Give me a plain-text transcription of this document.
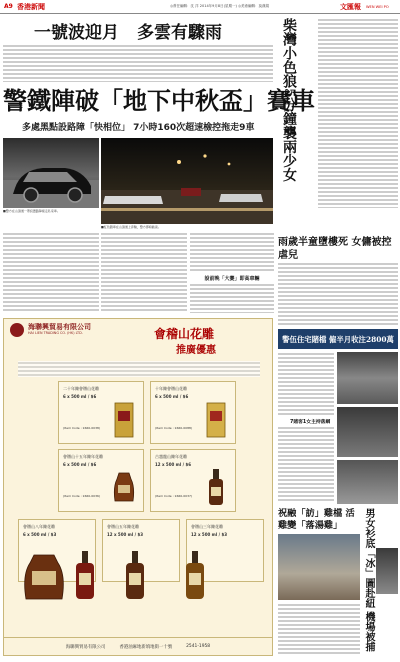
A9 香港新聞	◎責任編輯：沈 洋 2014年9月8日(星期一) ◎美術編輯：莫漢娟	文匯報 WEN WEI PO
一號波迎月 多雲有驟雨
警鐵陣破「地下中秋盃」賽車
多處黑點設路障「快相位」 7小時160次超速檢控拖走9車
■警方在山頂道一帶設置路障拖走私家車。
■紅色跑車在山頂道上奔馳，警方即時截查。
設前晚「大賽」即高車輛
海聯興貿易有限公司
HAI LIEN TRADING CO. (HK) LTD.	會稽山花雕
推廣優惠
二十年陳會稽山花雕
6 x 500 ml / $6
(Item Code : 1660-0038)
十年陳會稽山花雕
6 x 500 ml / $6
(Item Code : 1660-0088)
會稽山十五年陳年花雕
6 x 500 ml / $6
(Item Code : 1660-0036)
古越龍山陳年花雕
12 x 500 ml / $6
(Item Code : 1660-0037)
會稽山八年陳花雕
6 x 500 ml / $3
會稽山五年陳花雕
12 x 500 ml / $3
會稽山三年陳花雕
12 x 500 ml / $3
海聯興貿易有限公司	香港油麻地新填地街一十號	2541-1958
柴灣小色狼5分鐘襲兩少女
雨歲半童墮樓死 女傭被控虐兒
警伍住宅賭檔 僱半月收注2800萬
7賭客1女主持落網
祝融「訪」雞檔 活雞變「落湯雞」	男女衫底「冰」圖赴紐 機場被捕
